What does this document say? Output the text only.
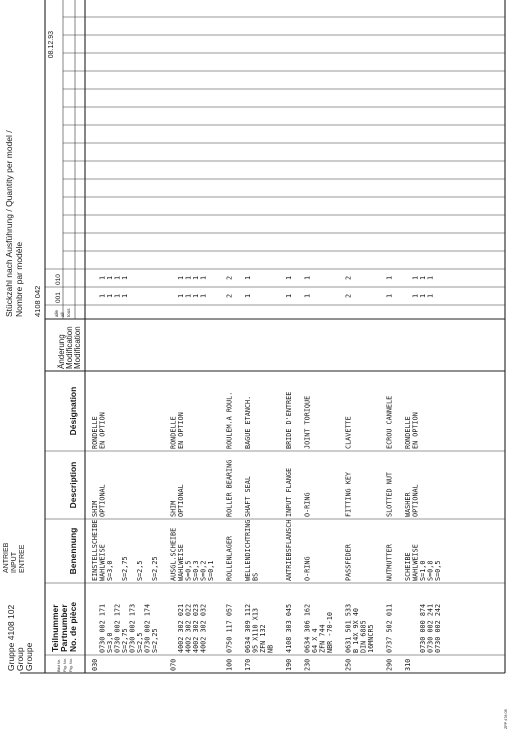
Gruppe 4108 102 Group Groupe
ANTRIEB INPUT ENTREE
Stückzahl nach Ausführung / Quantity per model / Nombre par modèle 4108 042
08.12.93
Bild Nr. Fig. No. Fig. No.
Teilnummer Partnumber No. de pièce
Benennung
Description
Désignation
Änderung Modification Modification
alle all tous
001
010
030
0730 002 171 S=3,0 0730 002 172 S=2,75 0730 002 173 S=2,5 0730 002 174 S=2,25
EINSTELLSCHEIBE WAHLWEISE S=3,0 S=2,75 S=2,5 S=2,25
SHIM OPTIONAL
RONDELLE EN OPTION
1 1 1 1
1 1 1 1
070
4002 302 021 4002 302 022 4002 302 023 4002 302 032
AUSGL.SCHEIBE WAHLWEISE S=0,5 S=0,3 S=0,2 S=0,1
SHIM OPTIONAL
RONDELLE EN OPTION
1 1 1 1
1 1 1 1
100
0750 117 057
ROLLENLAGER
ROLLER BEARING
ROULEM.A ROUL.
2
2
170
0634 309 112 95 X110 X13 ZFN 132 NB
WELLENDICHTRING BS
SHAFT SEAL
BAGUE ETANCH.
1
1
190
4108 303 045
ANTRIEBSFLANSCH
INPUT FLANGE
BRIDE D'ENTREE
1
1
230
0634 306 162 64 X 4 ZFN 744 NBR -70-10
O-RING
O-RING
JOINT TORIQUE
1
1
250
0631 501 533 B 14X 9X 40 DIN 6885 16MNCR5
PASSFEDER
FITTING KEY
CLAVETTE
2
2
290
0737 502 011
NUTMUTTER
SLOTTED NUT
ECROU CANNELE
1
1
310
0730 000 874 0730 002 241 0730 002 242
SCHEIBE WAHLWEISE S=1,0 S=0,8 S=0,5
WASHER OPTIONAL
RONDELLE EN OPTION
1 1 1
1 1 1
ZFP 478 05
